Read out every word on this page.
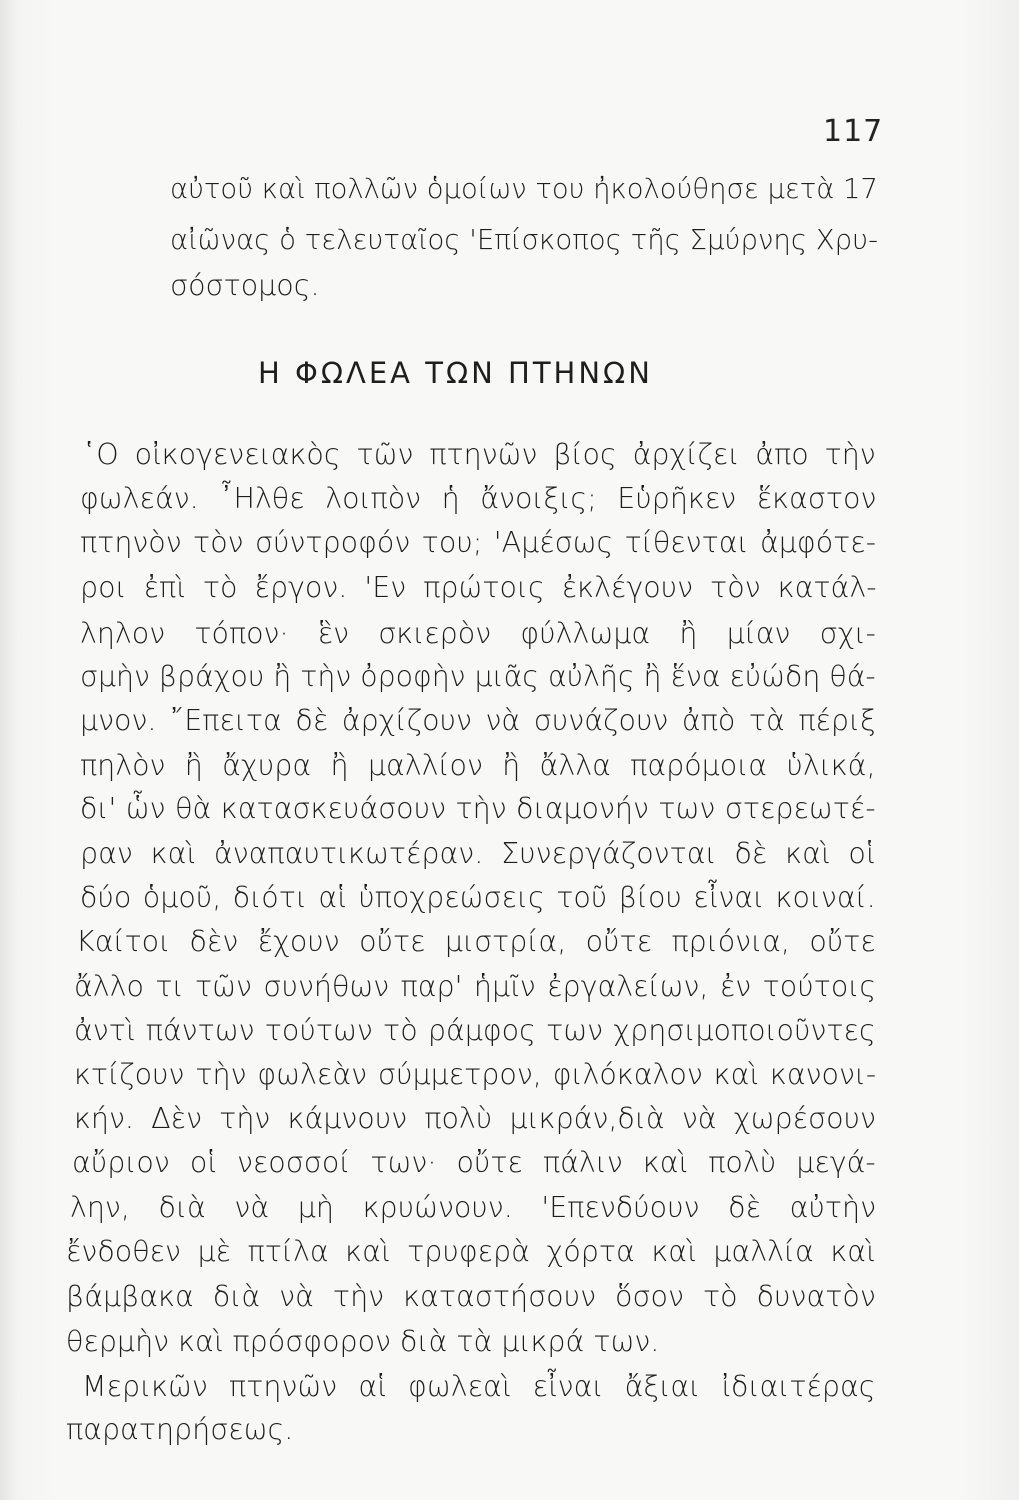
117
αὐτοῦ καὶ πολλῶν ὁμοίων του ἠκολούθησε μετὰ 17
αἰῶνας ὁ τελευταῖος 'Επίσκοπος τῆς Σμύρνης Χρυ-
σόστομος.
Η ΦΩΛΕΑ ΤΩΝ ΠΤΗΝΩΝ
῾Ο οἰκογενειακὸς τῶν πτηνῶν βίος ἀρχίζει ἀπο τὴν
φωλεάν. ῏Ηλθε λοιπὸν ἡ ἄνοιξις; Εὑρῆκεν ἕκαστον
πτηνὸν τὸν σύντροφόν του; 'Αμέσως τίθενται ἀμφότε-
ροι ἐπὶ τὸ ἔργον. 'Εν πρώτοις ἐκλέγουν τὸν κατάλ-
ληλον τόπον· ἓν σκιερὸν φύλλωμα ἢ μίαν σχι-
σμὴν βράχου ἢ τὴν ὀροφὴν μιᾶς αὐλῆς ἢ ἕνα εὐώδη θά-
μνον. ῎Επειτα δὲ ἀρχίζουν νὰ συνάζουν ἀπὸ τὰ πέριξ
πηλὸν ἢ ἄχυρα ἢ μαλλίον ἢ ἄλλα παρόμοια ὑλικά,
δι' ὧν θὰ κατασκευάσουν τὴν διαμονήν των στερεωτέ-
ραν καὶ ἀναπαυτικωτέραν. Συνεργάζονται δὲ καὶ οἱ
δύο ὁμοῦ, διότι αἱ ὑποχρεώσεις τοῦ βίου εἶναι κοιναί.
Καίτοι δὲν ἔχουν οὔτε μιστρία, οὔτε πριόνια, οὔτε
ἄλλο τι τῶν συνήθων παρ' ἡμῖν ἐργαλείων, ἐν τούτοις
ἀντὶ πάντων τούτων τὸ ράμφος των χρησιμοποιοῦντες
κτίζουν τὴν φωλεὰν σύμμετρον, φιλόκαλον καὶ κανονι-
κήν. Δὲν τὴν κάμνουν πολὺ μικράν,διὰ νὰ χωρέσουν
αὔριον οἱ νεοσσοί των· οὔτε πάλιν καὶ πολὺ μεγά-
λην, διὰ νὰ μὴ κρυώνουν. 'Επενδύουν δὲ αὐτὴν
ἔνδοθεν μὲ πτίλα καὶ τρυφερὰ χόρτα καὶ μαλλία καὶ
βάμβακα διὰ νὰ τὴν καταστήσουν ὅσον τὸ δυνατὸν
θερμὴν καὶ πρόσφορον διὰ τὰ μικρά των.
Μερικῶν πτηνῶν αἱ φωλεαὶ εἶναι ἄξιαι ἰδιαιτέρας
παρατηρήσεως.
